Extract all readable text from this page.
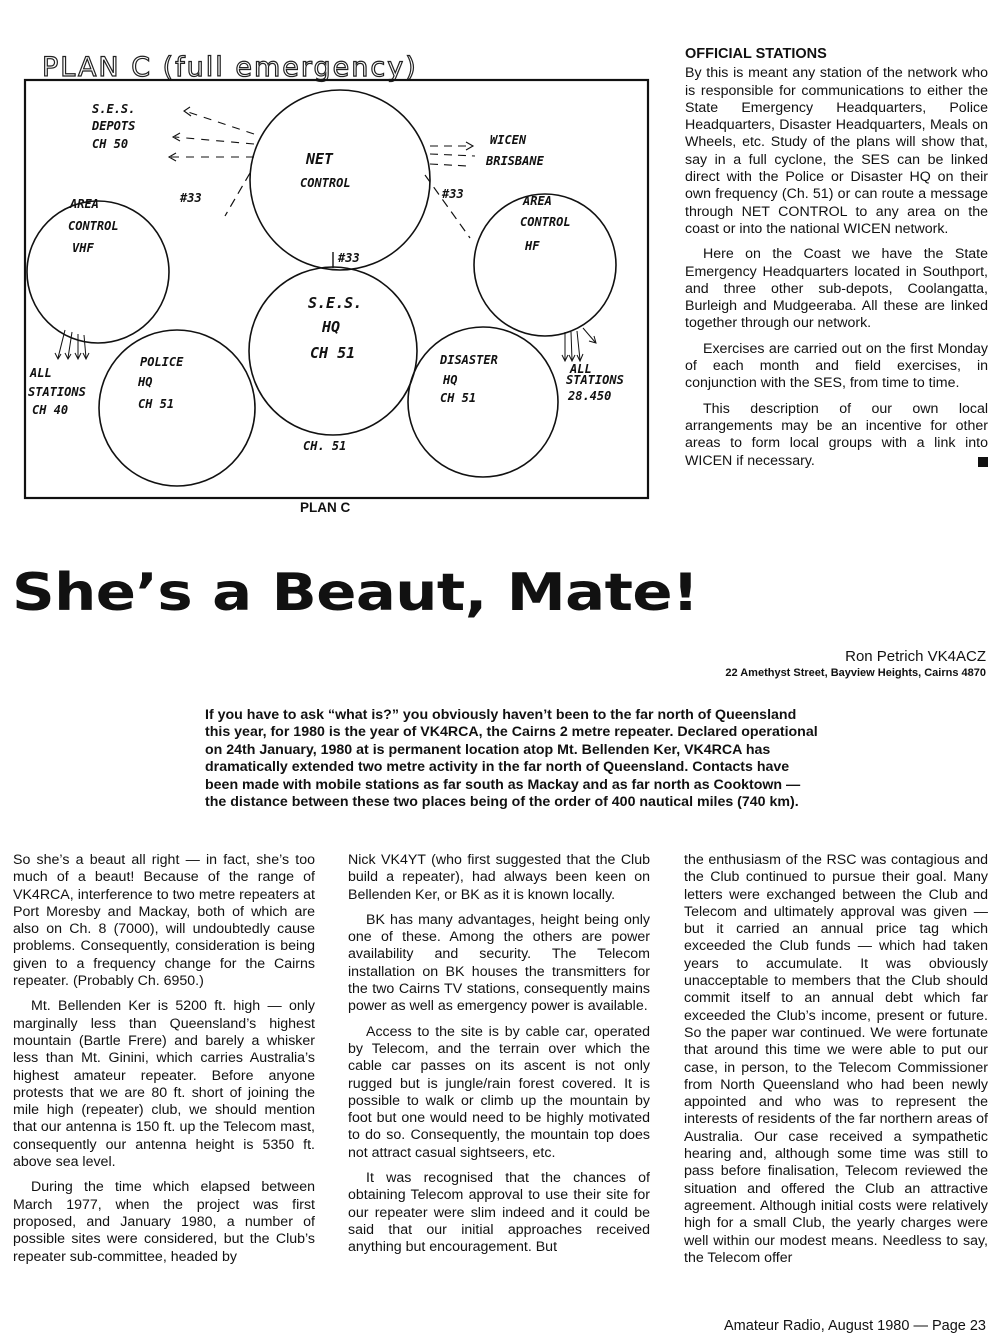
PLAN C (full emergency)
S.E.S.
DEPOTS
CH 50	WICEN
BRISBANE
NET
CONTROL
AREA
CONTROL
VHF
AREA
CONTROL
HF
S.E.S.
HQ
CH 51
POLICE
HQ
CH 51
DISASTER
HQ
CH 51
ALL
STATIONS
CH 40
ALL
STATIONS
28.450
#33	#33
#33
CH. 51
PLAN C
OFFICIAL STATIONS

By this is meant any station of the network who is responsible for communications to either the State Emergency Headquarters, Police Headquarters, Disaster Headquarters, Meals on Wheels, etc. Study of the plans will show that, say in a full cyclone, the SES can be linked direct with the Police or Disaster HQ on their own frequency (Ch. 51) or can route a message through NET CONTROL to any area on the coast or into the national WICEN network.

Here on the Coast we have the State Emergency Headquarters located in Southport, and three other sub-depots, Coolangatta, Burleigh and Mudgeeraba. All these are linked together through our network.

Exercises are carried out on the first Monday of each month and field exercises, in conjunction with the SES, from time to time.

This description of our own local arrangements may be an incentive for other areas to form local groups with a link into WICEN if necessary.

She’s a Beaut, Mate!
Ron Petrich VK4ACZ
22 Amethyst Street, Bayview Heights, Cairns 4870
If you have to ask “what is?” you obviously haven’t been to the far north of Queensland this year, for 1980 is the year of VK4RCA, the Cairns 2 metre repeater. Declared operational on 24th January, 1980 at is permanent location atop Mt. Bellenden Ker, VK4RCA has dramatically extended two metre activity in the far north of Queensland. Contacts have been made with mobile stations as far south as Mackay and as far north as Cooktown — the distance between these two places being of the order of 400 nautical miles (740 km).

So she’s a beaut all right — in fact, she’s too much of a beaut! Because of the range of VK4RCA, interference to two metre repeaters at Port Moresby and Mackay, both of which are also on Ch. 8 (7000), will undoubtedly cause problems. Consequently, consideration is being given to a frequency change for the Cairns repeater. (Probably Ch. 6950.)

Mt. Bellenden Ker is 5200 ft. high — only marginally less than Queensland’s highest mountain (Bartle Frere) and barely a whisker less than Mt. Ginini, which carries Australia’s highest amateur repeater. Before anyone protests that we are 80 ft. short of joining the mile high (repeater) club, we should mention that our antenna is 150 ft. up the Telecom mast, consequently our antenna height is 5350 ft. above sea level.

During the time which elapsed between March 1977, when the project was first proposed, and January 1980, a number of possible sites were considered, but the Club’s repeater sub-committee, headed by

Nick VK4YT (who first suggested that the Club build a repeater), had always been keen on Bellenden Ker, or BK as it is known locally.

BK has many advantages, height being only one of these. Among the others are power availability and security. The Telecom installation on BK houses the transmitters for the two Cairns TV stations, consequently mains power as well as emergency power is available.

Access to the site is by cable car, operated by Telecom, and the terrain over which the cable car passes on its ascent is not only rugged but is jungle/rain forest covered. It is possible to walk or climb up the mountain by foot but one would need to be highly motivated to do so. Consequently, the mountain top does not attract casual sightseers, etc.

It was recognised that the chances of obtaining Telecom approval to use their site for our repeater were slim indeed and it could be said that our initial approaches received anything but encouragement. But

the enthusiasm of the RSC was contagious and the Club continued to pursue their goal. Many letters were exchanged between the Club and Telecom and ultimately approval was given — but it carried an annual price tag which exceeded the Club funds — which had taken years to accumulate. It was obviously unacceptable to members that the Club should commit itself to an annual debt which far exceeded the Club’s income, present or future. So the paper war continued. We were fortunate that around this time we were able to put our case, in person, to the Telecom Commissioner from North Queensland who had been newly appointed and who was to represent the interests of residents of the far northern areas of Australia. Our case received a sympathetic hearing and, although some time was still to pass before finalisation, Telecom reviewed the situation and offered the Club an attractive agreement. Although initial costs were relatively high for a small Club, the yearly charges were well within our modest means. Needless to say, the Telecom offer

Amateur Radio, August 1980 — Page 23
